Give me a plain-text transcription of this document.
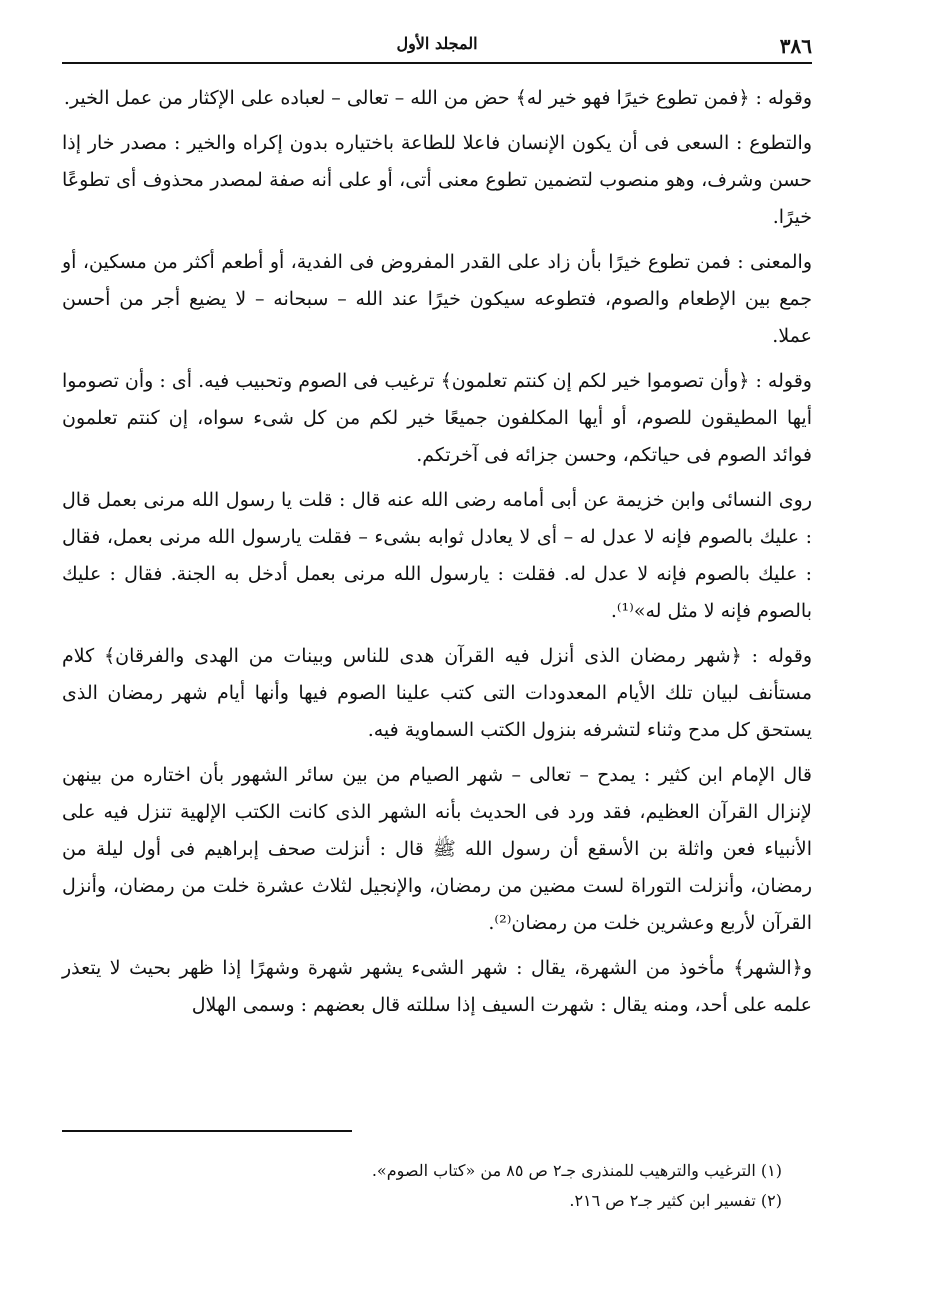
٣٨٦
المجلد الأول

وقوله : ﴿فمن تطوع خيرًا فهو خير له﴾ حض من الله – تعالى – لعباده على الإكثار من عمل الخير.

والتطوع : السعى فى أن يكون الإنسان فاعلا للطاعة باختياره بدون إكراه والخير : مصدر خار إذا حسن وشرف، وهو منصوب لتضمين تطوع معنى أتى، أو على أنه صفة لمصدر محذوف أى تطوعًا خيرًا.

والمعنى : فمن تطوع خيرًا بأن زاد على القدر المفروض فى الفدية، أو أطعم أكثر من مسكين، أو جمع بين الإطعام والصوم، فتطوعه سيكون خيرًا عند الله – سبحانه – لا يضيع أجر من أحسن عملا.

وقوله : ﴿وأن تصوموا خير لكم إن كنتم تعلمون﴾ ترغيب فى الصوم وتحبيب فيه. أى : وأن تصوموا أيها المطيقون للصوم، أو أيها المكلفون جميعًا خير لكم من كل شىء سواه، إن كنتم تعلمون فوائد الصوم فى حياتكم، وحسن جزائه فى آخرتكم.

روى النسائى وابن خزيمة عن أبى أمامه رضى الله عنه قال : قلت يا رسول الله مرنى بعمل قال : عليك بالصوم فإنه لا عدل له – أى لا يعادل ثوابه بشىء – فقلت يارسول الله مرنى بعمل، فقال : عليك بالصوم فإنه لا عدل له. فقلت : يارسول الله مرنى بعمل أدخل به الجنة. فقال : عليك بالصوم فإنه لا مثل له»⁽¹⁾.

وقوله : ﴿شهر رمضان الذى أنزل فيه القرآن هدى للناس وبينات من الهدى والفرقان﴾ كلام مستأنف لبيان تلك الأيام المعدودات التى كتب علينا الصوم فيها وأنها أيام شهر رمضان الذى يستحق كل مدح وثناء لتشرفه بنزول الكتب السماوية فيه.

قال الإمام ابن كثير : يمدح – تعالى – شهر الصيام من بين سائر الشهور بأن اختاره من بينهن لإنزال القرآن العظيم، فقد ورد فى الحديث بأنه الشهر الذى كانت الكتب الإلهية تنزل فيه على الأنبياء فعن واثلة بن الأسقع أن رسول الله ﷺ قال : أنزلت صحف إبراهيم فى أول ليلة من رمضان، وأنزلت التوراة لست مضين من رمضان، والإنجيل لثلاث عشرة خلت من رمضان، وأنزل القرآن لأربع وعشرين خلت من رمضان⁽²⁾.

و﴿الشهر﴾ مأخوذ من الشهرة، يقال : شهر الشىء يشهر شهرة وشهرًا إذا ظهر بحيث لا يتعذر علمه على أحد، ومنه يقال : شهرت السيف إذا سللته قال بعضهم : وسمى الهلال

(١) الترغيب والترهيب للمنذرى جـ٢ ص ٨٥ من «كتاب الصوم».

(٢) تفسير ابن كثير جـ٢ ص ٢١٦.
